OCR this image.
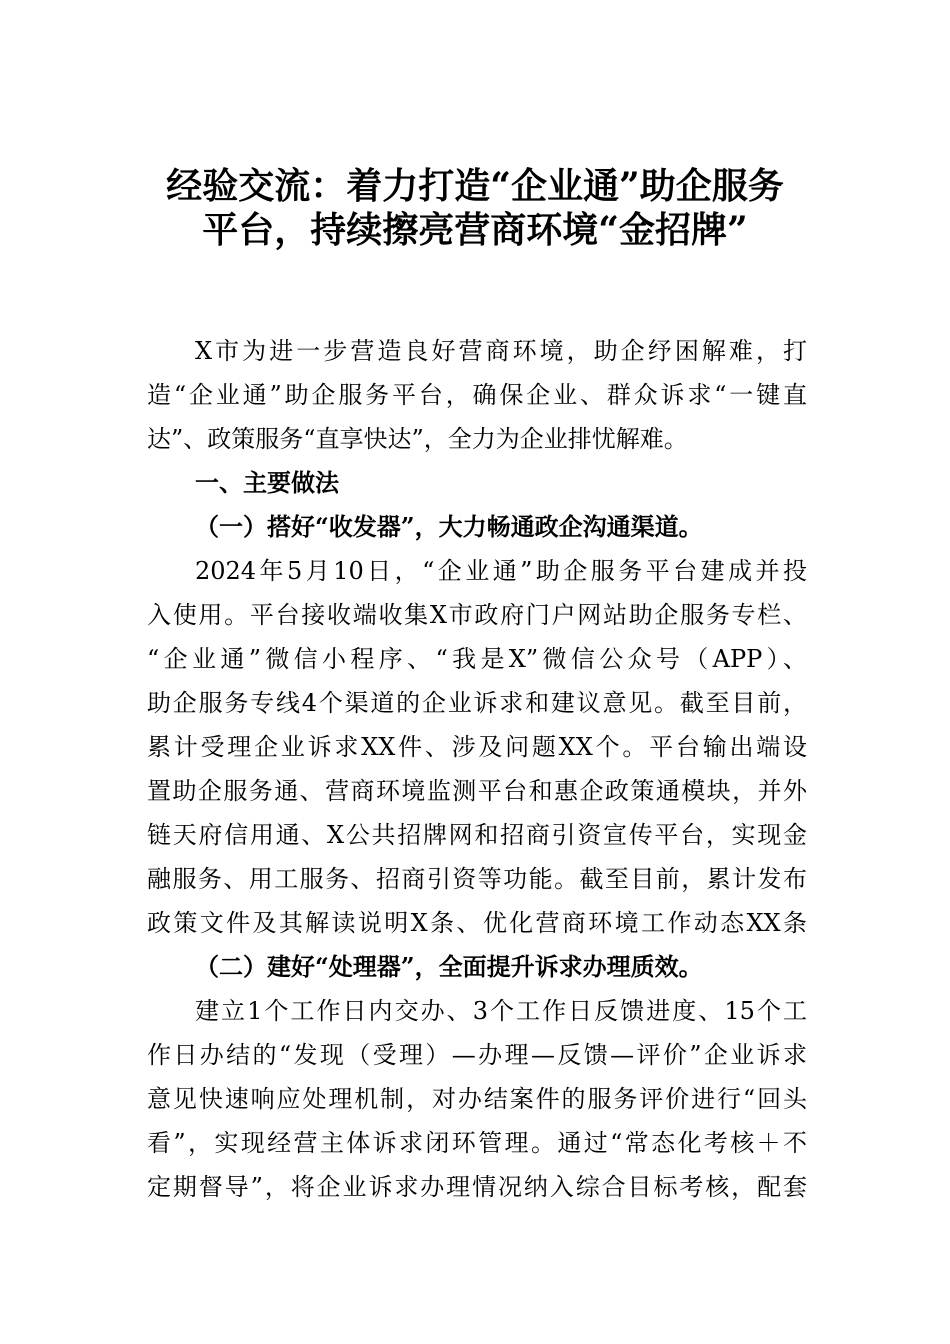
经验交流：着力打造“企业通”助企服务
平台，持续擦亮营商环境“金招牌”
X市为进一步营造良好营商环境，助企纾困解难，打
造“企业通”助企服务平台，确保企业、群众诉求“一键直
达”、政策服务“直享快达”，全力为企业排忧解难。
一、主要做法
（一）搭好“收发器”，大力畅通政企沟通渠道。
2024年5月10日，“企业通”助企服务平台建成并投
入使用。平台接收端收集X市政府门户网站助企服务专栏、
“企业通”微信小程序、“我是X”微信公众号（APP）、
助企服务专线4个渠道的企业诉求和建议意见。截至目前，
累计受理企业诉求XX件、涉及问题XX个。平台输出端设
置助企服务通、营商环境监测平台和惠企政策通模块，并外
链天府信用通、X公共招牌网和招商引资宣传平台，实现金
融服务、用工服务、招商引资等功能。截至目前，累计发布
政策文件及其解读说明X条、优化营商环境工作动态XX条
（二）建好“处理器”，全面提升诉求办理质效。
建立1个工作日内交办、3个工作日反馈进度、15个工
作日办结的“发现（受理）—办理—反馈—评价”企业诉求
意见快速响应处理机制，对办结案件的服务评价进行“回头
看”，实现经营主体诉求闭环管理。通过“常态化考核＋不
定期督导”，将企业诉求办理情况纳入综合目标考核，配套
